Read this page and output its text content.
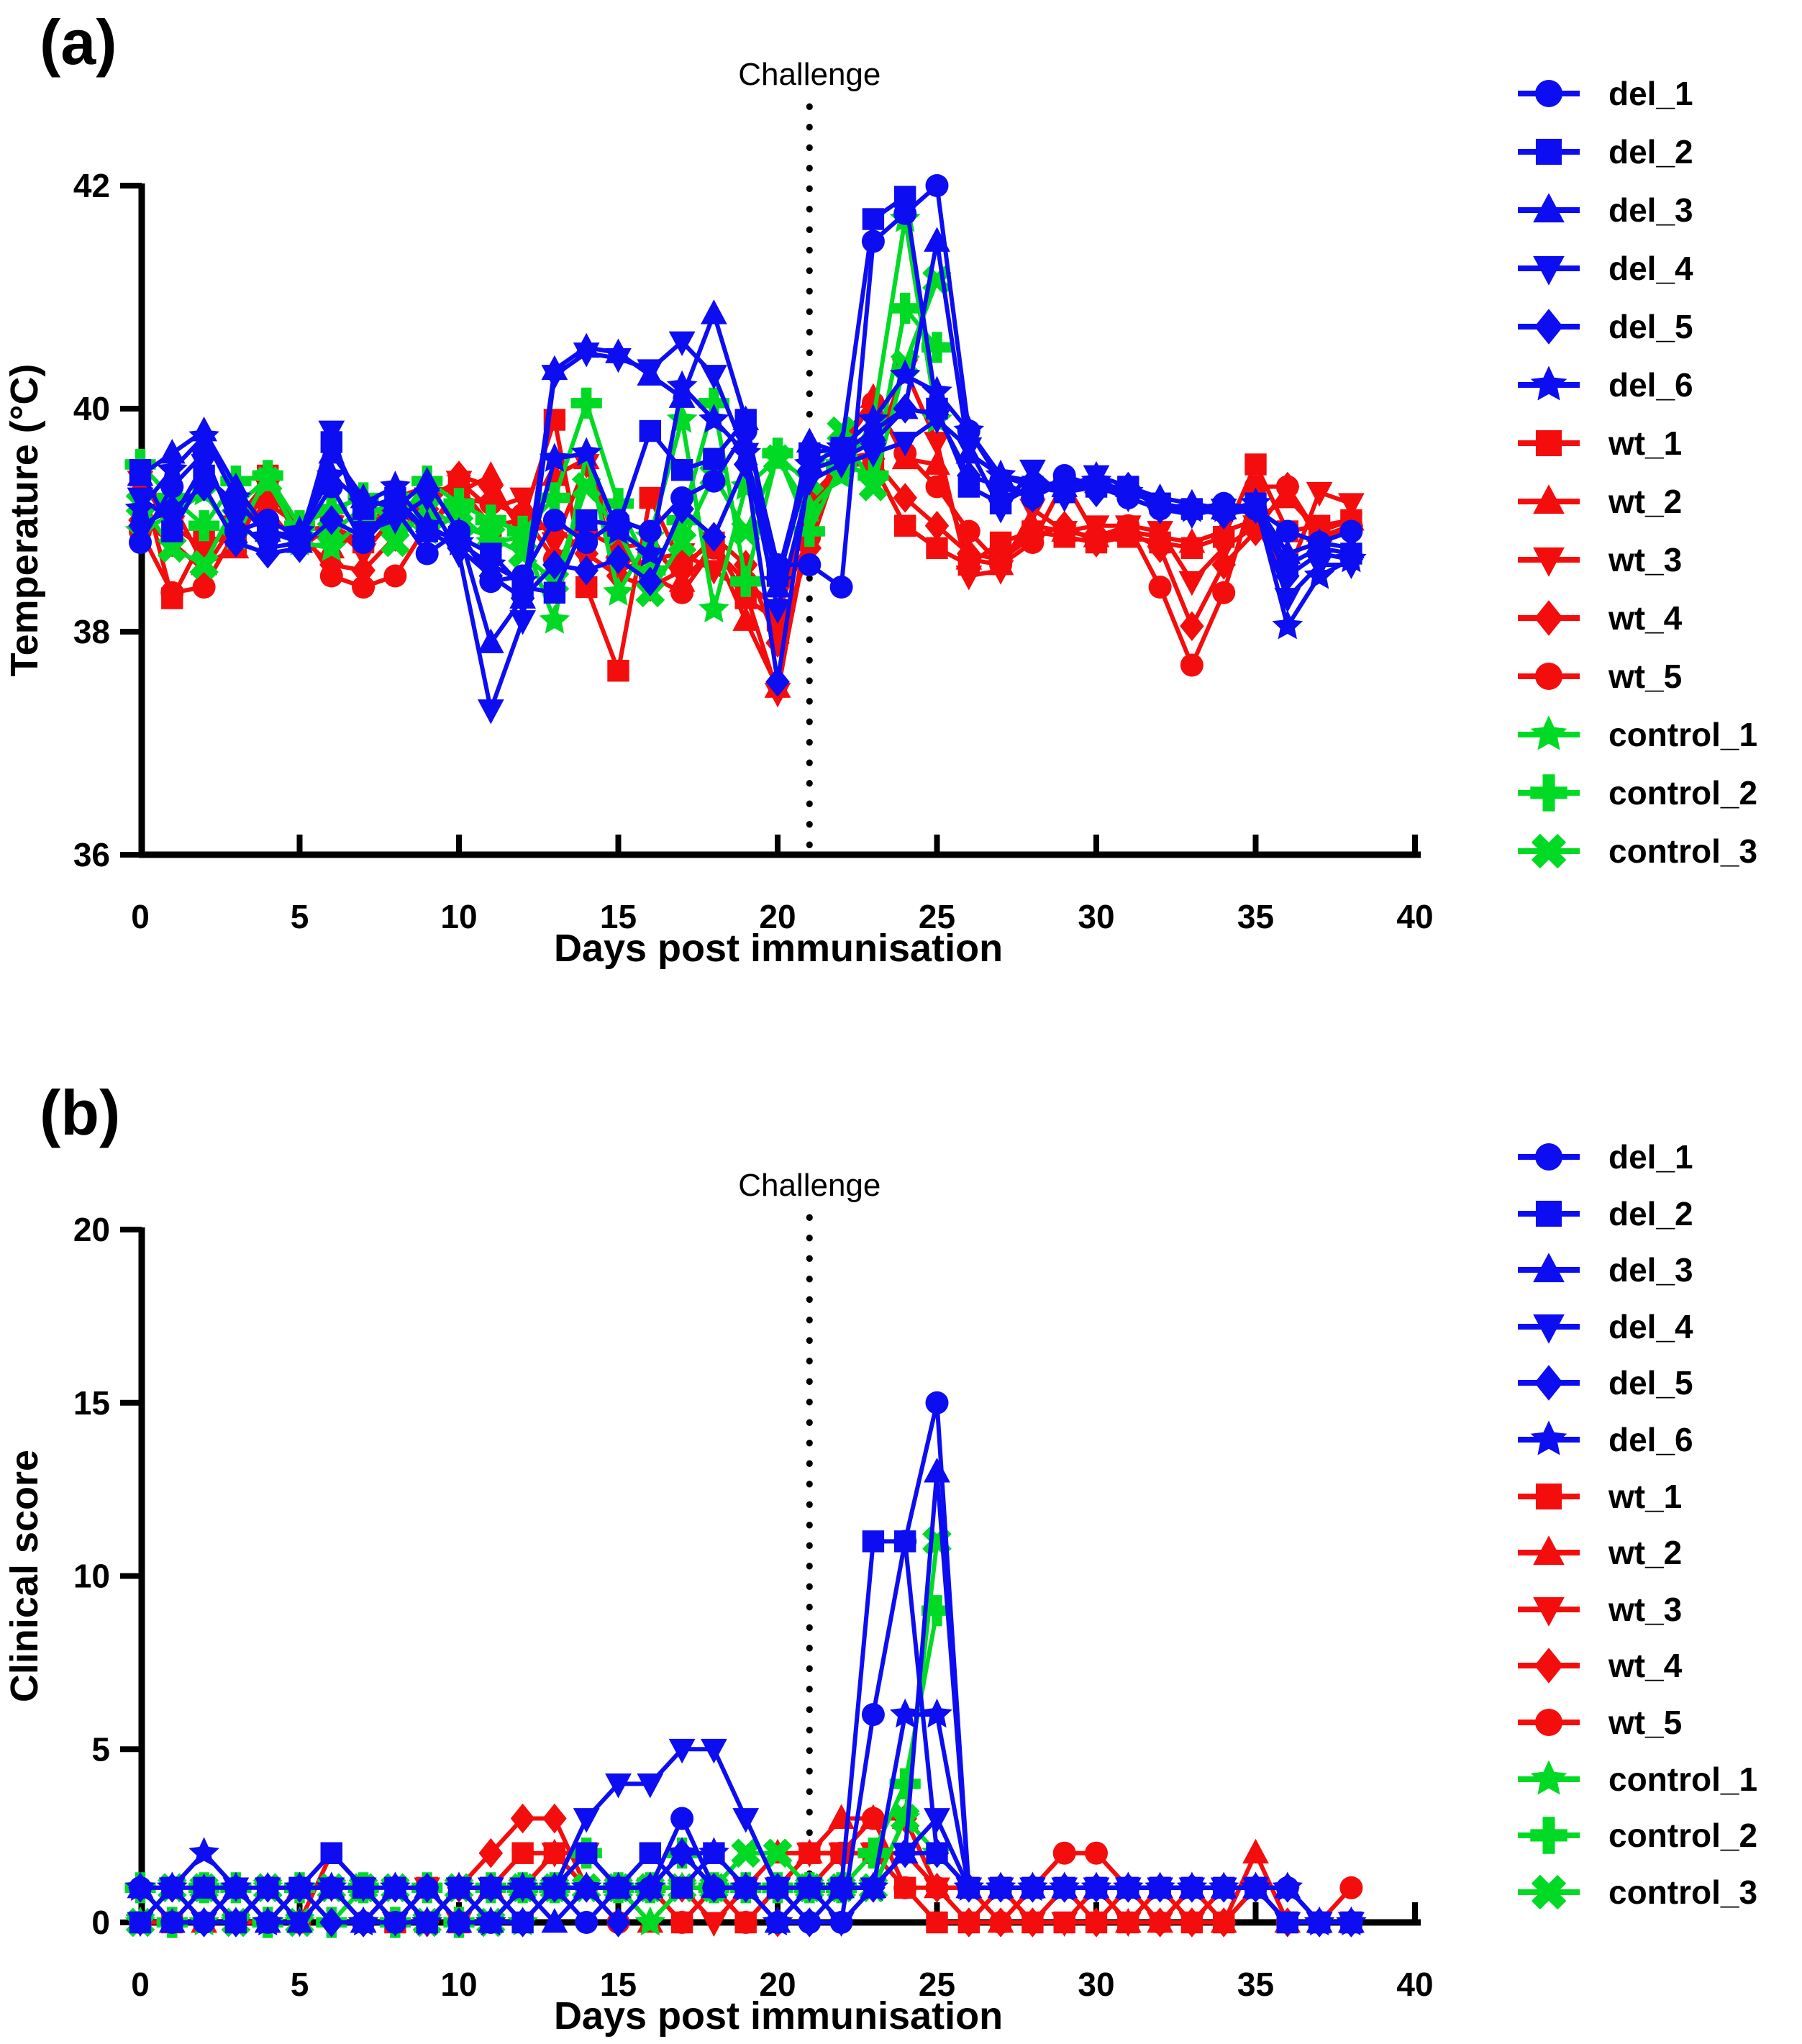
(a)
36
38
40
42
0	5	10	15	20	25	30	35	40
Days post immunisation
Temperature (°C)
Challenge
del_1
del_2
del_3
del_4
del_5
del_6
wt_1
wt_2
wt_3
wt_4
wt_5
control_1
control_2
control_3
(b)
0
5
10
15
20
0	5	10	15	20	25	30	35	40
Days post immunisation
Clinical score
Challenge
del_1
del_2
del_3
del_4
del_5
del_6
wt_1
wt_2
wt_3
wt_4
wt_5
control_1
control_2
control_3
